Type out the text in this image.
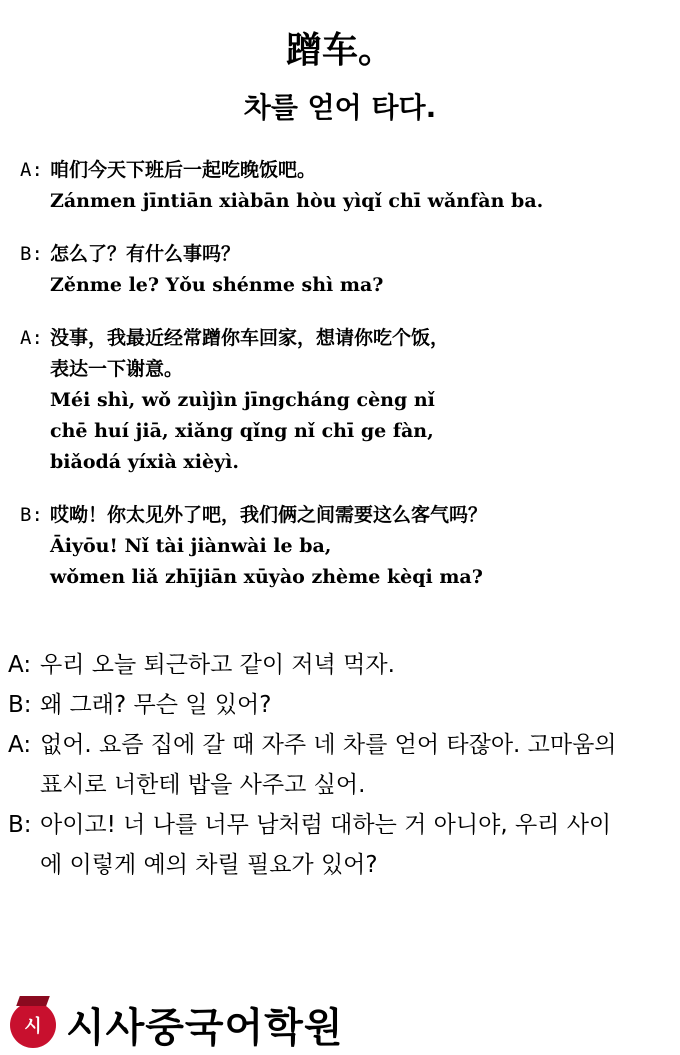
蹭车。
차를 얻어 타다.
A: 咱们今天下班后一起吃晚饭吧。
Zánmen jīntiān xiàbān hòu yìqǐ chī wǎnfàn ba.
B: 怎么了？有什么事吗？
Zěnme le? Yǒu shénme shì ma?
A: 没事，我最近经常蹭你车回家，想请你吃个饭，
表达一下谢意。
Méi shì, wǒ zuìjìn jīngcháng cèng nǐ
chē huí jiā, xiǎng qǐng nǐ chī ge fàn,
biǎodá yíxià xièyì.
B: 哎呦！你太见外了吧，我们俩之间需要这么客气吗？
Āiyōu! Nǐ tài jiànwài le ba,
wǒmen liǎ zhījiān xūyào zhème kèqi ma?
A: 우리 오늘 퇴근하고 같이 저녁 먹자.
B: 왜 그래? 무슨 일 있어?
A: 없어. 요즘 집에 갈 때 자주 네 차를 얻어 타잖아. 고마움의
표시로 너한테 밥을 사주고 싶어.
B: 아이고! 너 나를 너무 남처럼 대하는 거 아니야, 우리 사이
에 이렇게 예의 차릴 필요가 있어?
시 시사중국어학원
